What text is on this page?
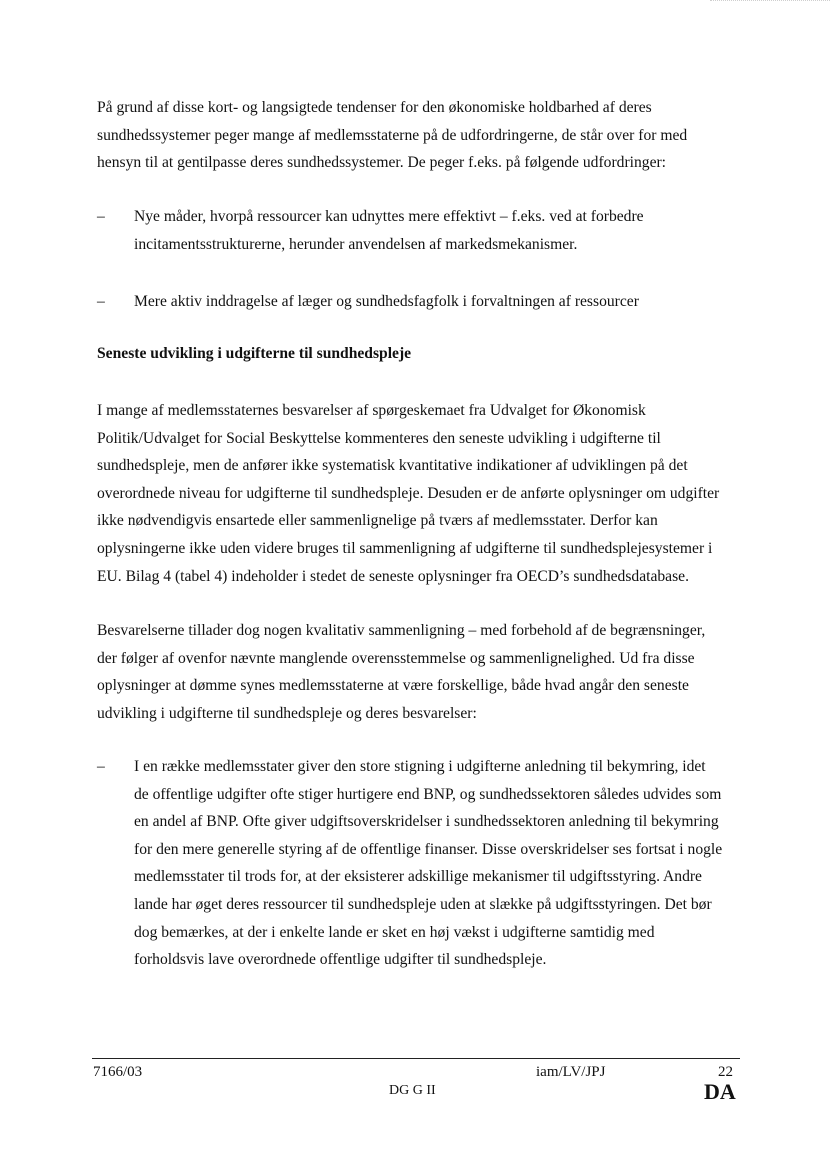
På grund af disse kort- og langsigtede tendenser for den økonomiske holdbarhed af deres
sundhedssystemer peger mange af medlemsstaterne på de udfordringerne, de står over for med
hensyn til at gentilpasse deres sundhedssystemer. De peger f.eks. på følgende udfordringer:
–	Nye måder, hvorpå ressourcer kan udnyttes mere effektivt – f.eks. ved at forbedre
incitamentsstrukturerne, herunder anvendelsen af markedsmekanismer.
–	Mere aktiv inddragelse af læger og sundhedsfagfolk i forvaltningen af ressourcer
Seneste udvikling i udgifterne til sundhedspleje
I mange af medlemsstaternes besvarelser af spørgeskemaet fra Udvalget for Økonomisk
Politik/Udvalget for Social Beskyttelse kommenteres den seneste udvikling i udgifterne til
sundhedspleje, men de anfører ikke systematisk kvantitative indikationer af udviklingen på det
overordnede niveau for udgifterne til sundhedspleje. Desuden er de anførte oplysninger om udgifter
ikke nødvendigvis ensartede eller sammenlignelige på tværs af medlemsstater. Derfor kan
oplysningerne ikke uden videre bruges til sammenligning af udgifterne til sundhedsplejesystemer i
EU. Bilag 4 (tabel 4) indeholder i stedet de seneste oplysninger fra OECD’s sundhedsdatabase.
Besvarelserne tillader dog nogen kvalitativ sammenligning – med forbehold af de begrænsninger,
der følger af ovenfor nævnte manglende overensstemmelse og sammenlignelighed. Ud fra disse
oplysninger at dømme synes medlemsstaterne at være forskellige, både hvad angår den seneste
udvikling i udgifterne til sundhedspleje og deres besvarelser:
–	I en række medlemsstater giver den store stigning i udgifterne anledning til bekymring, idet
de offentlige udgifter ofte stiger hurtigere end BNP, og sundhedssektoren således udvides som
en andel af BNP. Ofte giver udgiftsoverskridelser i sundhedssektoren anledning til bekymring
for den mere generelle styring af de offentlige finanser. Disse overskridelser ses fortsat i nogle
medlemsstater til trods for, at der eksisterer adskillige mekanismer til udgiftsstyring. Andre
lande har øget deres ressourcer til sundhedspleje uden at slække på udgiftsstyringen. Det bør
dog bemærkes, at der i enkelte lande er sket en høj vækst i udgifterne samtidig med
forholdsvis lave overordnede offentlige udgifter til sundhedspleje.
7166/03
DG G II
iam/LV/JPJ	22
DA
